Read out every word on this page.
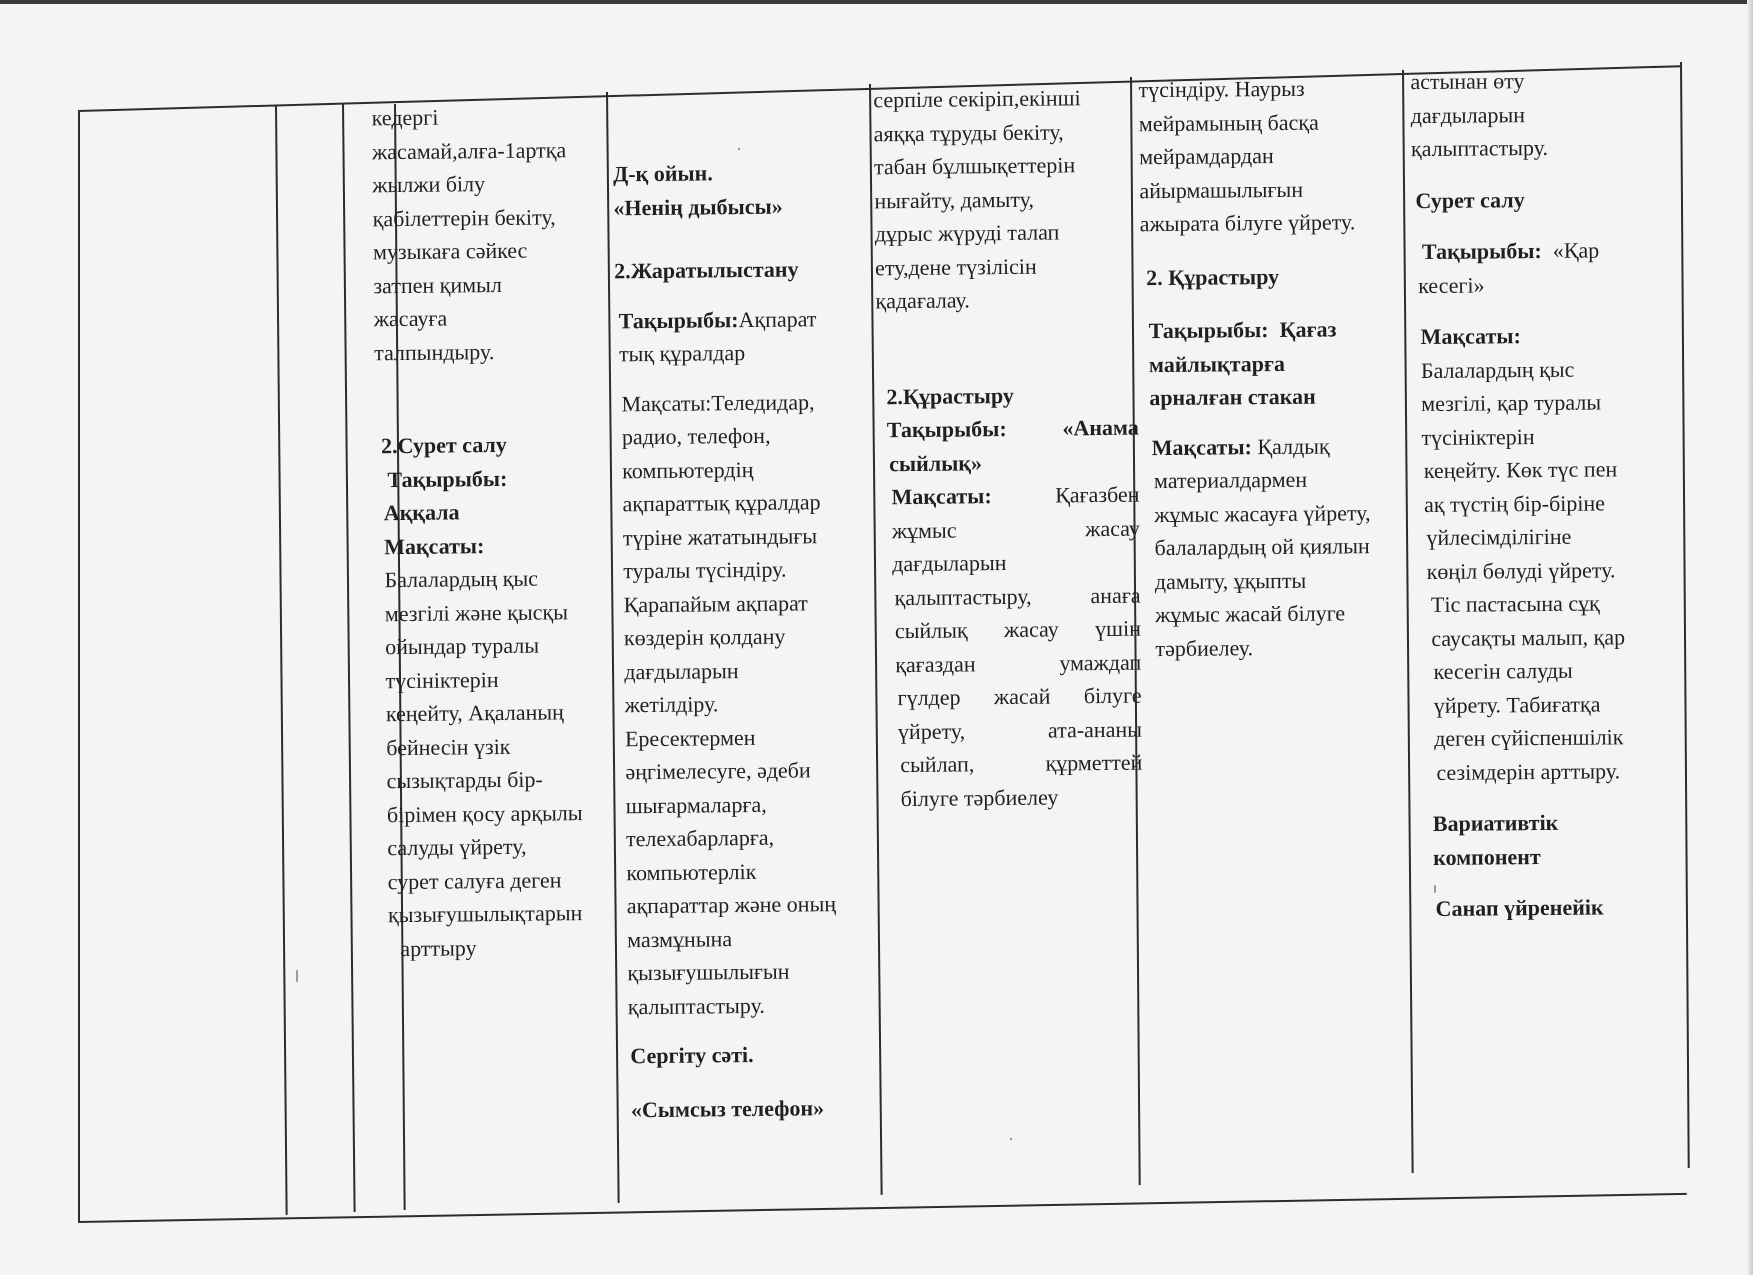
кедергі
жасамай,алға-1артқа
жылжи білу
қабілеттерін бекіту,
музыкаға сәйкес
затпен қимыл
жасауға
талпындыру.
2.Сурет салу
Тақырыбы:
Аққала
Мақсаты:
Балалардың қыс
мезгілі және қысқы
ойындар туралы
түсініктерін
кеңейту, Ақаланың
бейнесін үзік
сызықтарды бір-
бірімен қосу арқылы
салуды үйрету,
сурет салуға деген
қызығушылықтарын
арттыру
Д-қ ойын.
«Ненің дыбысы»
2.Жаратылыстану
Тақырыбы:Ақпарат
тық құралдар
Мақсаты:Теледидар,
радио, телефон,
компьютердің
ақпараттық құралдар
түріне жататындығы
туралы түсіндіру.
Қарапайым ақпарат
көздерін қолдану
дағдыларын
жетілдіру.
Ересектермен
әңгімелесуге, әдеби
шығармаларға,
телехабарларға,
компьютерлік
ақпараттар және оның
мазмұнына
қызығушылығын
қалыптастыру.
Сергіту сәті.
«Сымсыз телефон»
серпіле секіріп,екінші
аяққа тұруды бекіту,
табан бұлшықеттерін
нығайту, дамыту,
дұрыс жүруді талап
ету,дене түзілісін
қадағалау.
2.Құрастыру
Тақырыбы:	«Анама
сыйлық»
Мақсаты:	Қағазбен
жұмыс	жасау
дағдыларын
қалыптастыру,	анаға
сыйлық жасау үшін
қағаздан	умаждап
гүлдер жасай білуге
үйрету,	ата-ананы
сыйлап,	құрметтей
білуге тәрбиелеу
түсіндіру. Наурыз
мейрамының басқа
мейрамдардан
айырмашылығын
ажырата білуге үйрету.
2. Құрастыру
Тақырыбы: Қағаз
майлықтарға
арналған стакан
Мақсаты: Қалдық
материалдармен
жұмыс жасауға үйрету,
балалардың ой қиялын
дамыту, ұқыпты
жұмыс жасай білуге
тәрбиелеу.
астынан өту
дағдыларын
қалыптастыру.
Сурет салу
Тақырыбы: «Қар
кесегі»
Мақсаты:
Балалардың қыс
мезгілі, қар туралы
түсініктерін
кеңейту. Көк түс пен
ақ түстің бір-біріне
үйлесімділігіне
көңіл бөлуді үйрету.
Тіс пастасына сұқ
саусақты малып, қар
кесегін салуды
үйрету. Табиғатқа
деген сүйіспеншілік
сезімдерін арттыру.
Вариативтік
компонент
Санап үйренейік
